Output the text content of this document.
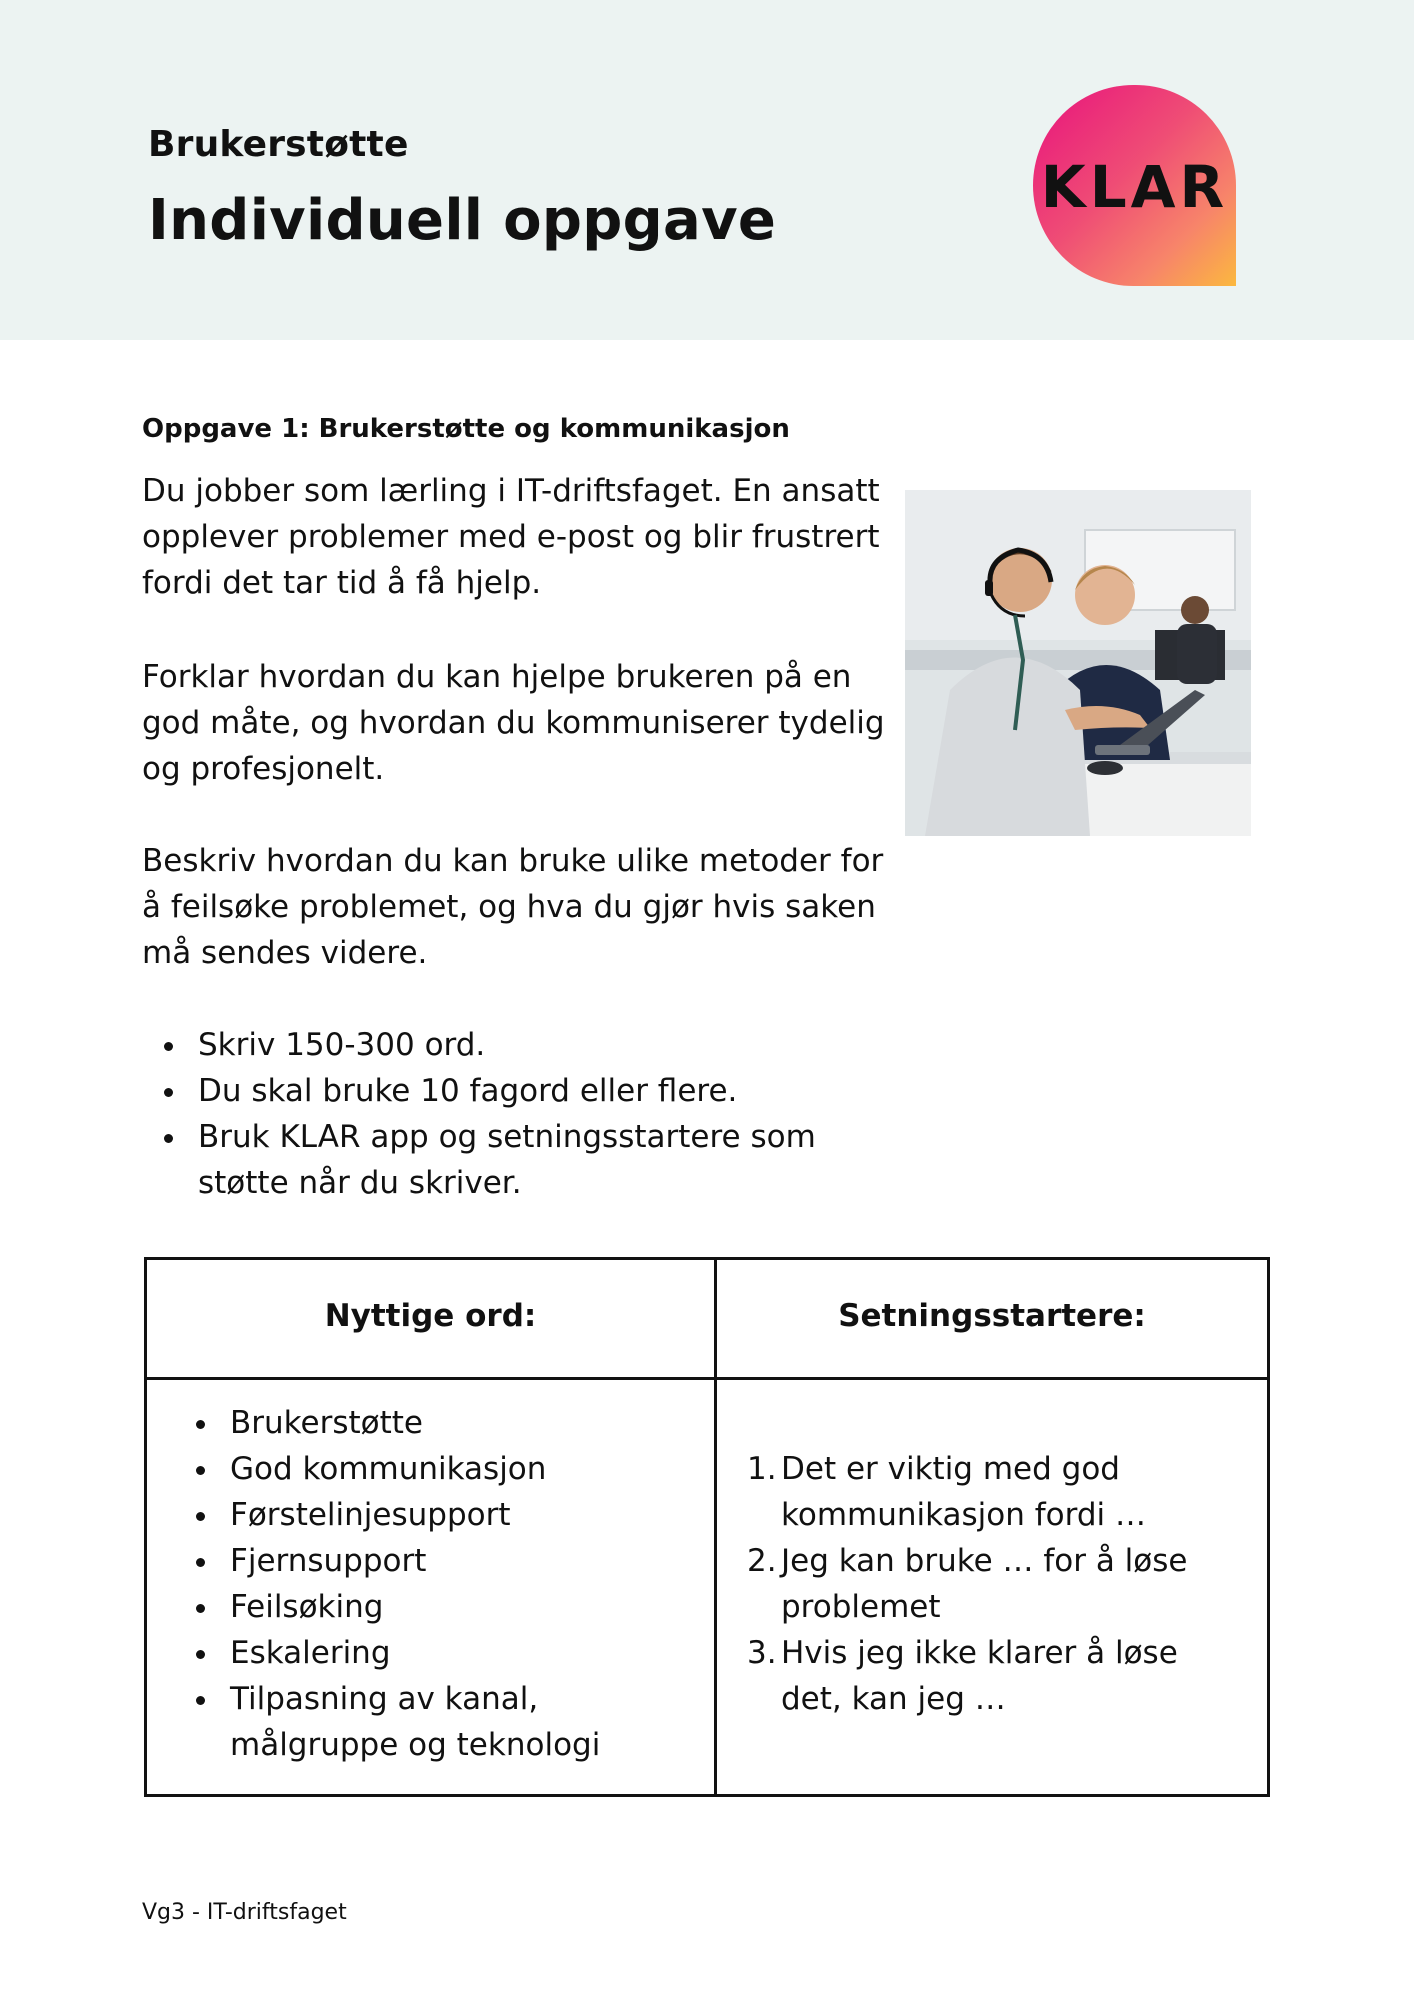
Brukerstøtte
Individuell oppgave	KLAR
Oppgave 1: Brukerstøtte og kommunikasjon
Du jobber som lærling i IT-driftsfaget. En ansatt opplever problemer med e-post og blir frustrert fordi det tar tid å få hjelp.
Forklar hvordan du kan hjelpe brukeren på en god måte, og hvordan du kommuniserer tydelig og profesjonelt.
Beskriv hvordan du kan bruke ulike metoder for å feilsøke problemet, og hva du gjør hvis saken må sendes videre.
Skriv 150-300 ord.
Du skal bruke 10 fagord eller flere.
Bruk KLAR app og setningsstartere som støtte når du skriver.
Nyttige ord:	Setningsstartere:
Brukerstøtte
God kommunikasjon
Førstelinjesupport
Fjernsupport
Feilsøking
Eskalering
Tilpasning av kanal, målgruppe og teknologi
1. Det er viktig med god kommunikasjon fordi …
2. Jeg kan bruke … for å løse problemet
3. Hvis jeg ikke klarer å løse det, kan jeg …
Vg3 - IT-driftsfaget
